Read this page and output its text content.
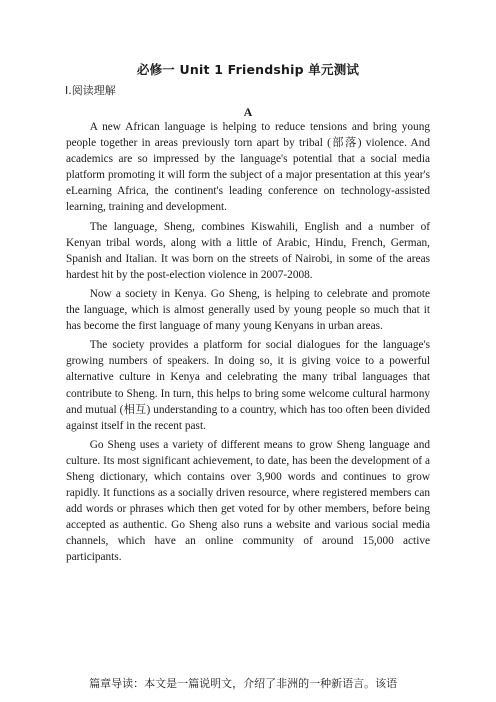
必修一 Unit 1 Friendship 单元测试
Ⅰ.阅读理解
A

A new African language is helping to reduce tensions and bring young people together in areas previously torn apart by tribal (部落) violence. And academics are so impressed by the language's potential that a social media platform promoting it will form the subject of a major presentation at this year's eLearning Africa, the continent's leading conference on technology-assisted learning, training and development.

The language, Sheng, combines Kiswahili, English and a number of Kenyan tribal words, along with a little of Arabic, Hindu, French, German, Spanish and Italian. It was born on the streets of Nairobi, in some of the areas hardest hit by the post-election violence in 2007-2008.

Now a society in Kenya. Go Sheng, is helping to celebrate and promote the language, which is almost generally used by young people so much that it has become the first language of many young Kenyans in urban areas.

The society provides a platform for social dialogues for the language's growing numbers of speakers. In doing so, it is giving voice to a powerful alternative culture in Kenya and celebrating the many tribal languages that contribute to Sheng. In turn, this helps to bring some welcome cultural harmony and mutual (相互) understanding to a country, which has too often been divided against itself in the recent past.

Go Sheng uses a variety of different means to grow Sheng language and culture. Its most significant achievement, to date, has been the development of a Sheng dictionary, which contains over 3,900 words and continues to grow rapidly. It functions as a socially driven resource, where registered members can add words or phrases which then get voted for by other members, before being accepted as authentic. Go Sheng also runs a website and various social media channels, which have an online community of around 15,000 active participants.

篇章导读：本文是一篇说明文，介绍了非洲的一种新语言。该语
